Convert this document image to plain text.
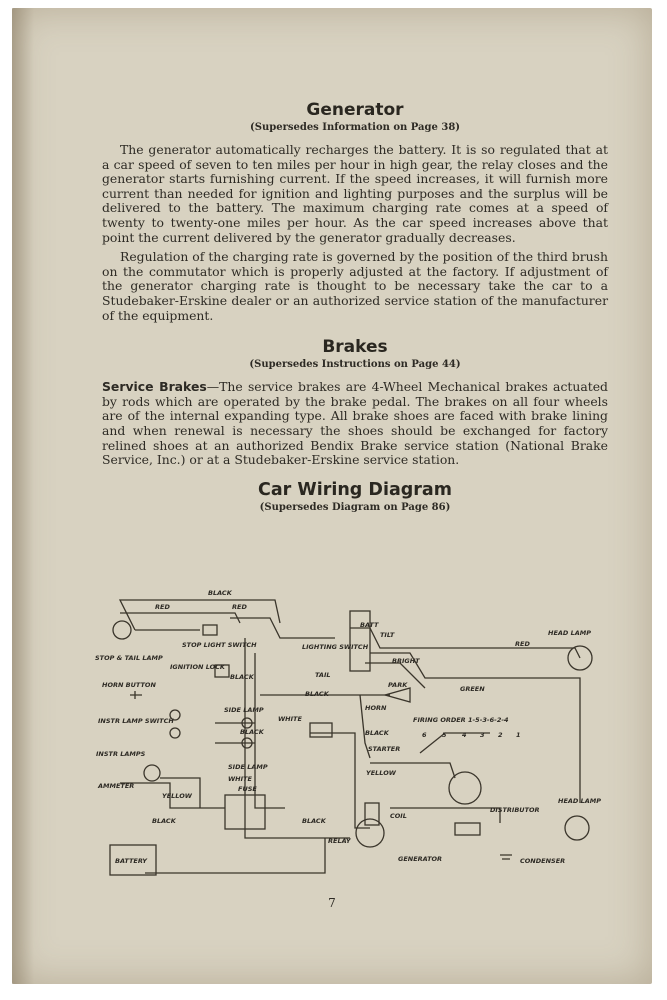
Generator
(Supersedes Information on Page 38)

The generator automatically recharges the battery. It is so regulated that at a car speed of seven to ten miles per hour in high gear, the relay closes and the generator starts furnishing current. If the speed increases, it will furnish more current than needed for ignition and lighting purposes and the surplus will be delivered to the battery. The maximum charging rate comes at a speed of twenty to twenty-one miles per hour. As the car speed increases above that point the current delivered by the generator gradually decreases.

Regulation of the charging rate is governed by the position of the third brush on the commutator which is properly adjusted at the factory. If adjustment of the generator charging rate is thought to be necessary take the car to a Studebaker-Erskine dealer or an authorized service station of the manufacturer of the equipment.

Brakes
(Supersedes Instructions on Page 44)

Service Brakes—The service brakes are 4-Wheel Mechanical brakes actuated by rods which are operated by the brake pedal. The brakes on all four wheels are of the internal expanding type. All brake shoes are faced with brake lining and when renewal is necessary the shoes should be exchanged for factory relined shoes at an authorized Bendix Brake service station (National Brake Service, Inc.) or at a Studebaker-Erskine service station.

Car Wiring Diagram
(Supersedes Diagram on Page 86)
BLACK
RED	RED
STOP LIGHT SWITCH
STOP & TAIL LAMP
IGNITION LOCK
BLACK
HORN BUTTON
INSTR LAMP SWITCH
INSTR LAMPS
AMMETER
YELLOW
BLACK
BATTERY
BATT
TILT
LIGHTING SWITCH
TAIL
BRIGHT
PARK	GREEN
RED
HEAD LAMP
BLACK
HORN
BLACK
SIDE LAMP
BLACK
SIDE LAMP
WHITE
WHITE
FUSE
STARTER
FIRING ORDER 1-5-3-6-2-4
6 5 4 3 2 1
YELLOW
COIL
DISTRIBUTOR
HEAD LAMP
BLACK
RELAY
GENERATOR	CONDENSER
7
